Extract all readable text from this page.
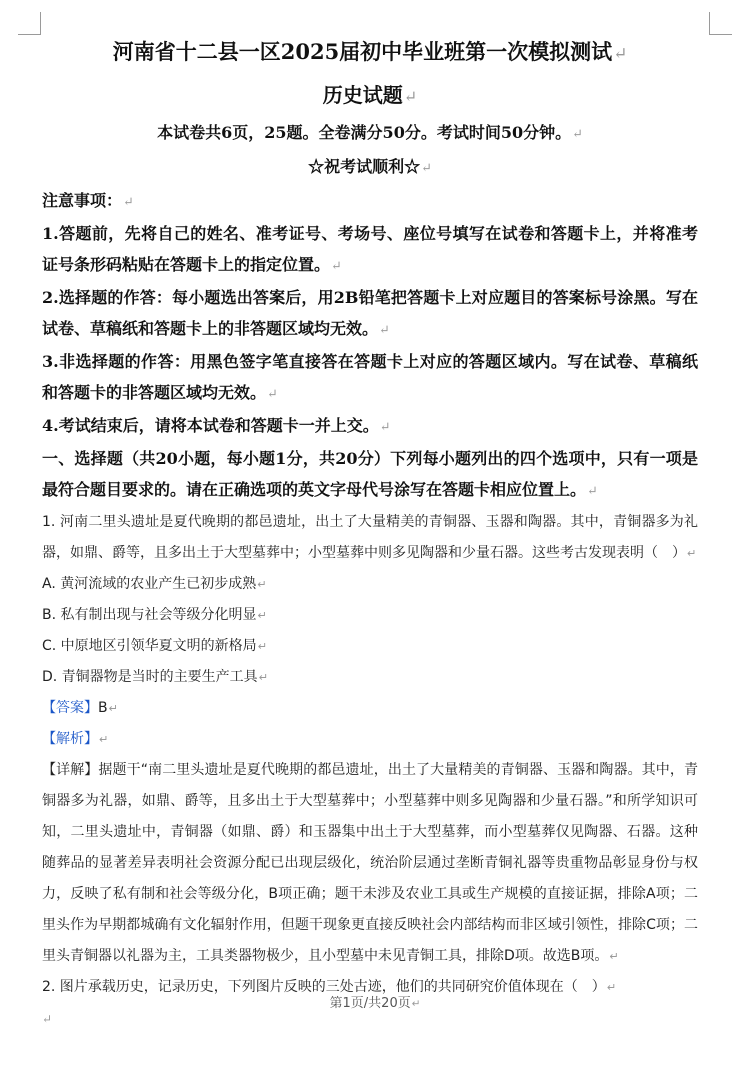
河南省十二县一区2025届初中毕业班第一次模拟测试↵

历史试题↵

本试卷共6页，25题。全卷满分50分。考试时间50分钟。↵

☆祝考试顺利☆↵

注意事项：↵

1.答题前，先将自己的姓名、准考证号、考场号、座位号填写在试卷和答题卡上，并将准考证号条形码粘贴在答题卡上的指定位置。↵

2.选择题的作答：每小题选出答案后，用2B铅笔把答题卡上对应题目的答案标号涂黑。写在试卷、草稿纸和答题卡上的非答题区域均无效。↵

3.非选择题的作答：用黑色签字笔直接答在答题卡上对应的答题区域内。写在试卷、草稿纸和答题卡的非答题区域均无效。↵

4.考试结束后，请将本试卷和答题卡一并上交。↵

一、选择题（共20小题，每小题1分，共20分）下列每小题列出的四个选项中，只有一项是最符合题目要求的。请在正确选项的英文字母代号涂写在答题卡相应位置上。↵

1. 河南二里头遗址是夏代晚期的都邑遗址，出土了大量精美的青铜器、玉器和陶器。其中，青铜器多为礼器，如鼎、爵等，且多出土于大型墓葬中；小型墓葬中则多见陶器和少量石器。这些考古发现表明（　）↵

A. 黄河流域的农业产生已初步成熟↵

B. 私有制出现与社会等级分化明显↵

C. 中原地区引领华夏文明的新格局↵

D. 青铜器物是当时的主要生产工具↵

【答案】B↵

【解析】↵

【详解】据题干“南二里头遗址是夏代晚期的都邑遗址，出土了大量精美的青铜器、玉器和陶器。其中，青铜器多为礼器，如鼎、爵等，且多出土于大型墓葬中；小型墓葬中则多见陶器和少量石器。”和所学知识可知，二里头遗址中，青铜器（如鼎、爵）和玉器集中出土于大型墓葬，而小型墓葬仅见陶器、石器。这种随葬品的显著差异表明社会资源分配已出现层级化，统治阶层通过垄断青铜礼器等贵重物品彰显身份与权力，反映了私有制和社会等级分化，B项正确；题干未涉及农业工具或生产规模的直接证据，排除A项；二里头作为早期都城确有文化辐射作用，但题干现象更直接反映社会内部结构而非区域引领性，排除C项；二里头青铜器以礼器为主，工具类器物极少，且小型墓中未见青铜工具，排除D项。故选B项。↵

2. 图片承载历史，记录历史，下列图片反映的三处古迹，他们的共同研究价值体现在（　）↵

第1页/共20页↵
↵
